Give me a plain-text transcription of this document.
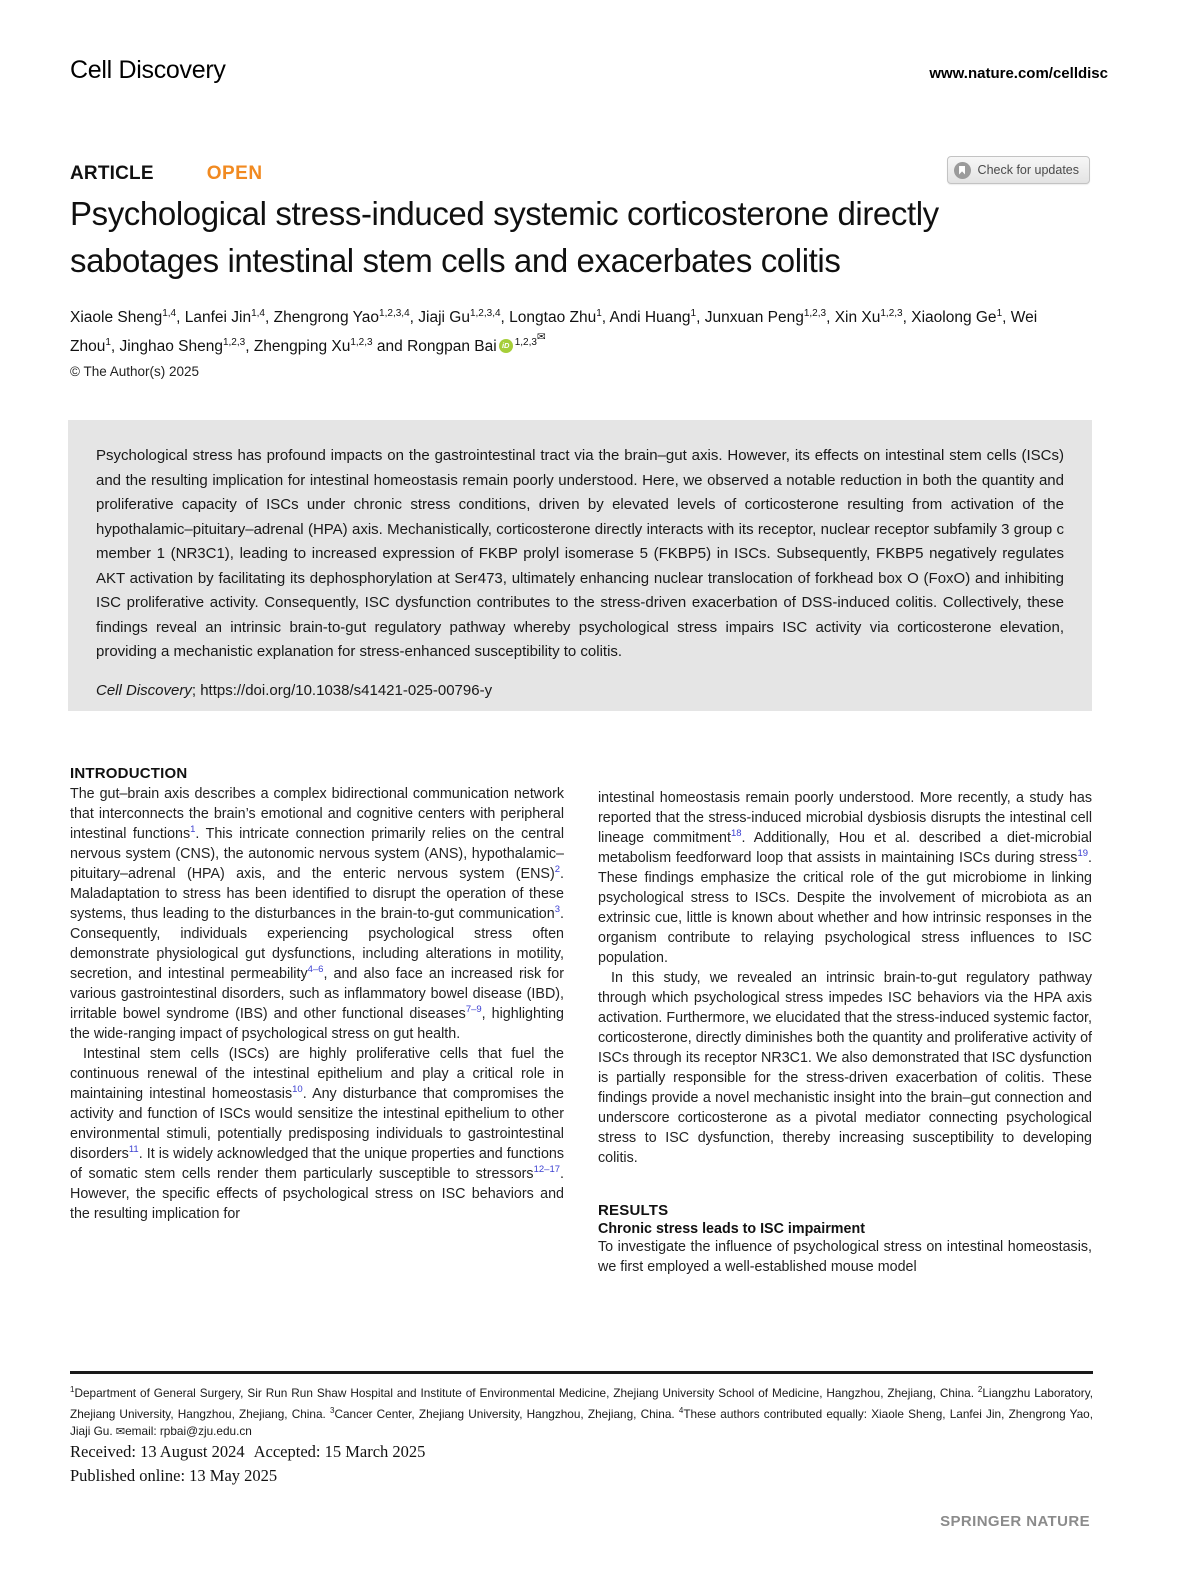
Cell Discovery	www.nature.com/celldisc
ARTICLE	OPEN	Check for updates
Psychological stress-induced systemic corticosterone directly sabotages intestinal stem cells and exacerbates colitis
Xiaole Sheng$^{1,4}$, Lanfei Jin$^{1,4}$, Zhengrong Yao$^{1,2,3,4}$, Jiaji Gu$^{1,2,3,4}$, Longtao Zhu$^1$, Andi Huang$^1$, Junxuan Peng$^{1,2,3}$, Xin Xu$^{1,2,3}$, Xiaolong Ge$^1$, Wei Zhou$^1$, Jinghao Sheng$^{1,2,3}$, Zhengping Xu$^{1,2,3}$ and Rongpan Bai iD $^{1,2,3}$✉
© The Author(s) 2025

Psychological stress has profound impacts on the gastrointestinal tract via the brain–gut axis. However, its effects on intestinal stem cells (ISCs) and the resulting implication for intestinal homeostasis remain poorly understood. Here, we observed a notable reduction in both the quantity and proliferative capacity of ISCs under chronic stress conditions, driven by elevated levels of corticosterone resulting from activation of the hypothalamic–pituitary–adrenal (HPA) axis. Mechanistically, corticosterone directly interacts with its receptor, nuclear receptor subfamily 3 group c member 1 (NR3C1), leading to increased expression of FKBP prolyl isomerase 5 (FKBP5) in ISCs. Subsequently, FKBP5 negatively regulates AKT activation by facilitating its dephosphorylation at Ser473, ultimately enhancing nuclear translocation of forkhead box O (FoxO) and inhibiting ISC proliferative activity. Consequently, ISC dysfunction contributes to the stress-driven exacerbation of DSS-induced colitis. Collectively, these findings reveal an intrinsic brain-to-gut regulatory pathway whereby psychological stress impairs ISC activity via corticosterone elevation, providing a mechanistic explanation for stress-enhanced susceptibility to colitis.

Cell Discovery; https://doi.org/10.1038/s41421-025-00796-y

INTRODUCTION

The gut–brain axis describes a complex bidirectional communication network that interconnects the brain’s emotional and cognitive centers with peripheral intestinal functions$^1$. This intricate connection primarily relies on the central nervous system (CNS), the autonomic nervous system (ANS), hypothalamic–pituitary–adrenal (HPA) axis, and the enteric nervous system (ENS)$^2$. Maladaptation to stress has been identified to disrupt the operation of these systems, thus leading to the disturbances in the brain-to-gut communication$^3$. Consequently, individuals experiencing psychological stress often demonstrate physiological gut dysfunctions, including alterations in motility, secretion, and intestinal permeability$^{4-6}$, and also face an increased risk for various gastrointestinal disorders, such as inflammatory bowel disease (IBD), irritable bowel syndrome (IBS) and other functional diseases$^{7-9}$, highlighting the wide-ranging impact of psychological stress on gut health.

Intestinal stem cells (ISCs) are highly proliferative cells that fuel the continuous renewal of the intestinal epithelium and play a critical role in maintaining intestinal homeostasis$^{10}$. Any disturbance that compromises the activity and function of ISCs would sensitize the intestinal epithelium to other environmental stimuli, potentially predisposing individuals to gastrointestinal disorders$^{11}$. It is widely acknowledged that the unique properties and functions of somatic stem cells render them particularly susceptible to stressors$^{12-17}$. However, the specific effects of psychological stress on ISC behaviors and the resulting implication for

intestinal homeostasis remain poorly understood. More recently, a study has reported that the stress-induced microbial dysbiosis disrupts the intestinal cell lineage commitment$^{18}$. Additionally, Hou et al. described a diet-microbial metabolism feedforward loop that assists in maintaining ISCs during stress$^{19}$. These findings emphasize the critical role of the gut microbiome in linking psychological stress to ISCs. Despite the involvement of microbiota as an extrinsic cue, little is known about whether and how intrinsic responses in the organism contribute to relaying psychological stress influences to ISC population.

In this study, we revealed an intrinsic brain-to-gut regulatory pathway through which psychological stress impedes ISC behaviors via the HPA axis activation. Furthermore, we elucidated that the stress-induced systemic factor, corticosterone, directly diminishes both the quantity and proliferative activity of ISCs through its receptor NR3C1. We also demonstrated that ISC dysfunction is partially responsible for the stress-driven exacerbation of colitis. These findings provide a novel mechanistic insight into the brain–gut connection and underscore corticosterone as a pivotal mediator connecting psychological stress to ISC dysfunction, thereby increasing susceptibility to developing colitis.

RESULTS
Chronic stress leads to ISC impairment

To investigate the influence of psychological stress on intestinal homeostasis, we first employed a well-established mouse model

$^1$Department of General Surgery, Sir Run Run Shaw Hospital and Institute of Environmental Medicine, Zhejiang University School of Medicine, Hangzhou, Zhejiang, China. $^2$Liangzhu Laboratory, Zhejiang University, Hangzhou, Zhejiang, China. $^3$Cancer Center, Zhejiang University, Hangzhou, Zhejiang, China. $^4$These authors contributed equally: Xiaole Sheng, Lanfei Jin, Zhengrong Yao, Jiaji Gu. ✉email: rpbai@zju.edu.cn
Received: 13 August 2024 Accepted: 15 March 2025
Published online: 13 May 2025
SPRINGER NATURE
